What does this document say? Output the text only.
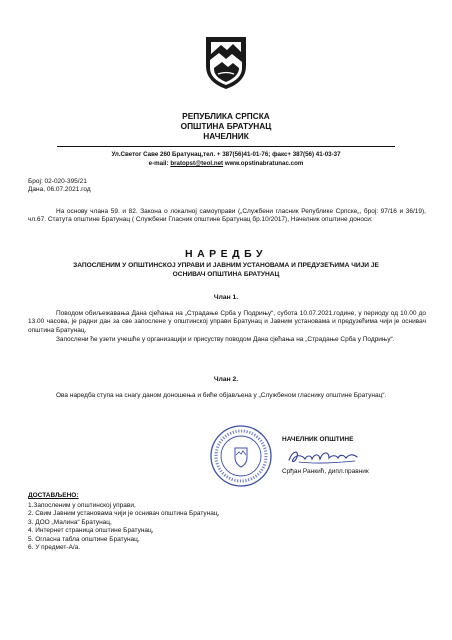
РЕПУБЛИКА СРПСКА
ОПШТИНА БРАТУНАЦ
НАЧЕЛНИК
Ул.Светог Саве 260 Братунац,тел. + 387(56)41-01-76; факс+ 387(56) 41-03-37
e-mail: bratopst@teol.net www.opstinabratunac.com
Број: 02-020-395/21
Дана, 06.07.2021.год
На основу члана 59. и 82. Закона о локалној самоуправи („Службени гласник Републике Српске„, број: 97/16 и 36/19), чл.67. Статута општине Братунац ( Службени Гласник општине Братунац бр.10/2017), Начелник општине доноси:
НАРЕДБУ
ЗАПОСЛЕНИМ У ОПШТИНСКОЈ УПРАВИ И ЈАВНИМ УСТАНОВАМА И ПРЕДУЗЕЋИМА ЧИЈИ ЈЕ ОСНИВАЧ ОПШТИНА БРАТУНАЦ
Члан 1.
Поводом обиљежавања Дана сјећања на „Страдање Срба у Подрињу“, субота 10.07.2021.године, у периоду од 10.00 до 13.00 часова, је радни дан за све запослене у општинској управи Братунац и Јавним установама и предузећима чији је оснивач општина Братунац.
Запослени ће узети учешће у организацији и присуству поводом Дана сјећања на „Страдање Срба у Подрињу“.
Члан 2.
Ова наредба ступа на снагу даном доношења и биће објављена у „Службеном гласнику општине Братунац“.
НАЧЕЛНИК ОПШТИНЕ
Срђан Ранкић, дипл.правник
ДОСТАВЉЕНО:
1.Запосленим у општинској управи,
2. Свим Јавним установама чији је оснивач општина Братунац,
3. ДОО „Малина“ Братунац,
4. Интернет страница општине Братунац,
5. Огласна табла општине Братунац,
6. У предмет-А/а.
